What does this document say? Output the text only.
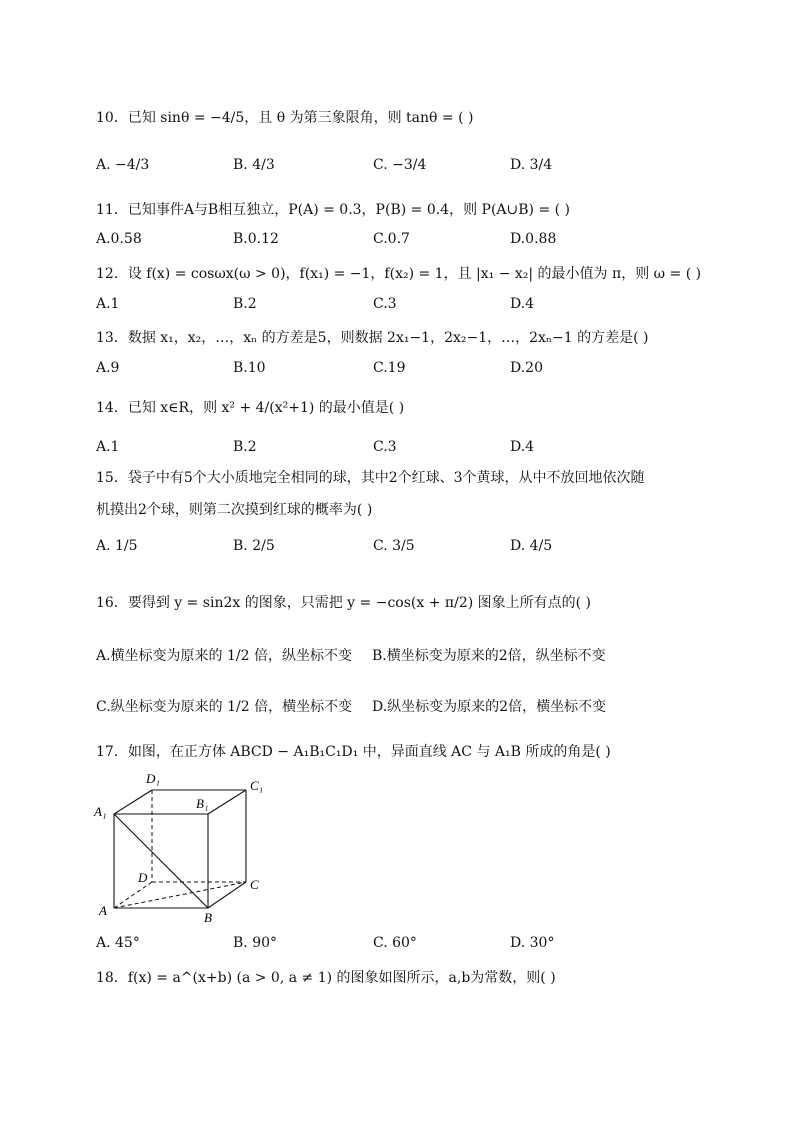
10．已知 sinθ = −4/5，且 θ 为第三象限角，则 tanθ = ( )
A. −4/3	B. 4/3	C. −3/4	D. 3/4
11．已知事件A与B相互独立，P(A) = 0.3，P(B) = 0.4，则 P(A∪B) = ( )
A.0.58	B.0.12	C.0.7	D.0.88
12．设 f(x) = cosωx(ω > 0)，f(x₁) = −1，f(x₂) = 1，且 |x₁ − x₂| 的最小值为 π，则 ω = ( )
A.1	B.2	C.3	D.4
13．数据 x₁，x₂，…，xₙ 的方差是5，则数据 2x₁−1，2x₂−1，…，2xₙ−1 的方差是( )
A.9	B.10	C.19	D.20
14．已知 x∈R，则 x² + 4/(x²+1) 的最小值是( )
A.1	B.2	C.3	D.4
15．袋子中有5个大小质地完全相同的球，其中2个红球、3个黄球，从中不放回地依次随
机摸出2个球，则第二次摸到红球的概率为( )
A. 1/5	B. 2/5	C. 3/5	D. 4/5
16．要得到 y = sin2x 的图象，只需把 y = −cos(x + π/2) 图象上所有点的( )
A.横坐标变为原来的 1/2 倍，纵坐标不变 B.横坐标变为原来的2倍，纵坐标不变
C.纵坐标变为原来的 1/2 倍，横坐标不变 D.纵坐标变为原来的2倍，横坐标不变
17．如图，在正方体 ABCD − A₁B₁C₁D₁ 中，异面直线 AC 与 A₁B 所成的角是( )
D₁	C₁
A₁
B₁
D	C
A	B
A. 45°	B. 90°	C. 60°	D. 30°
18．f(x) = a^(x+b) (a > 0, a ≠ 1) 的图象如图所示，a,b为常数，则( )
